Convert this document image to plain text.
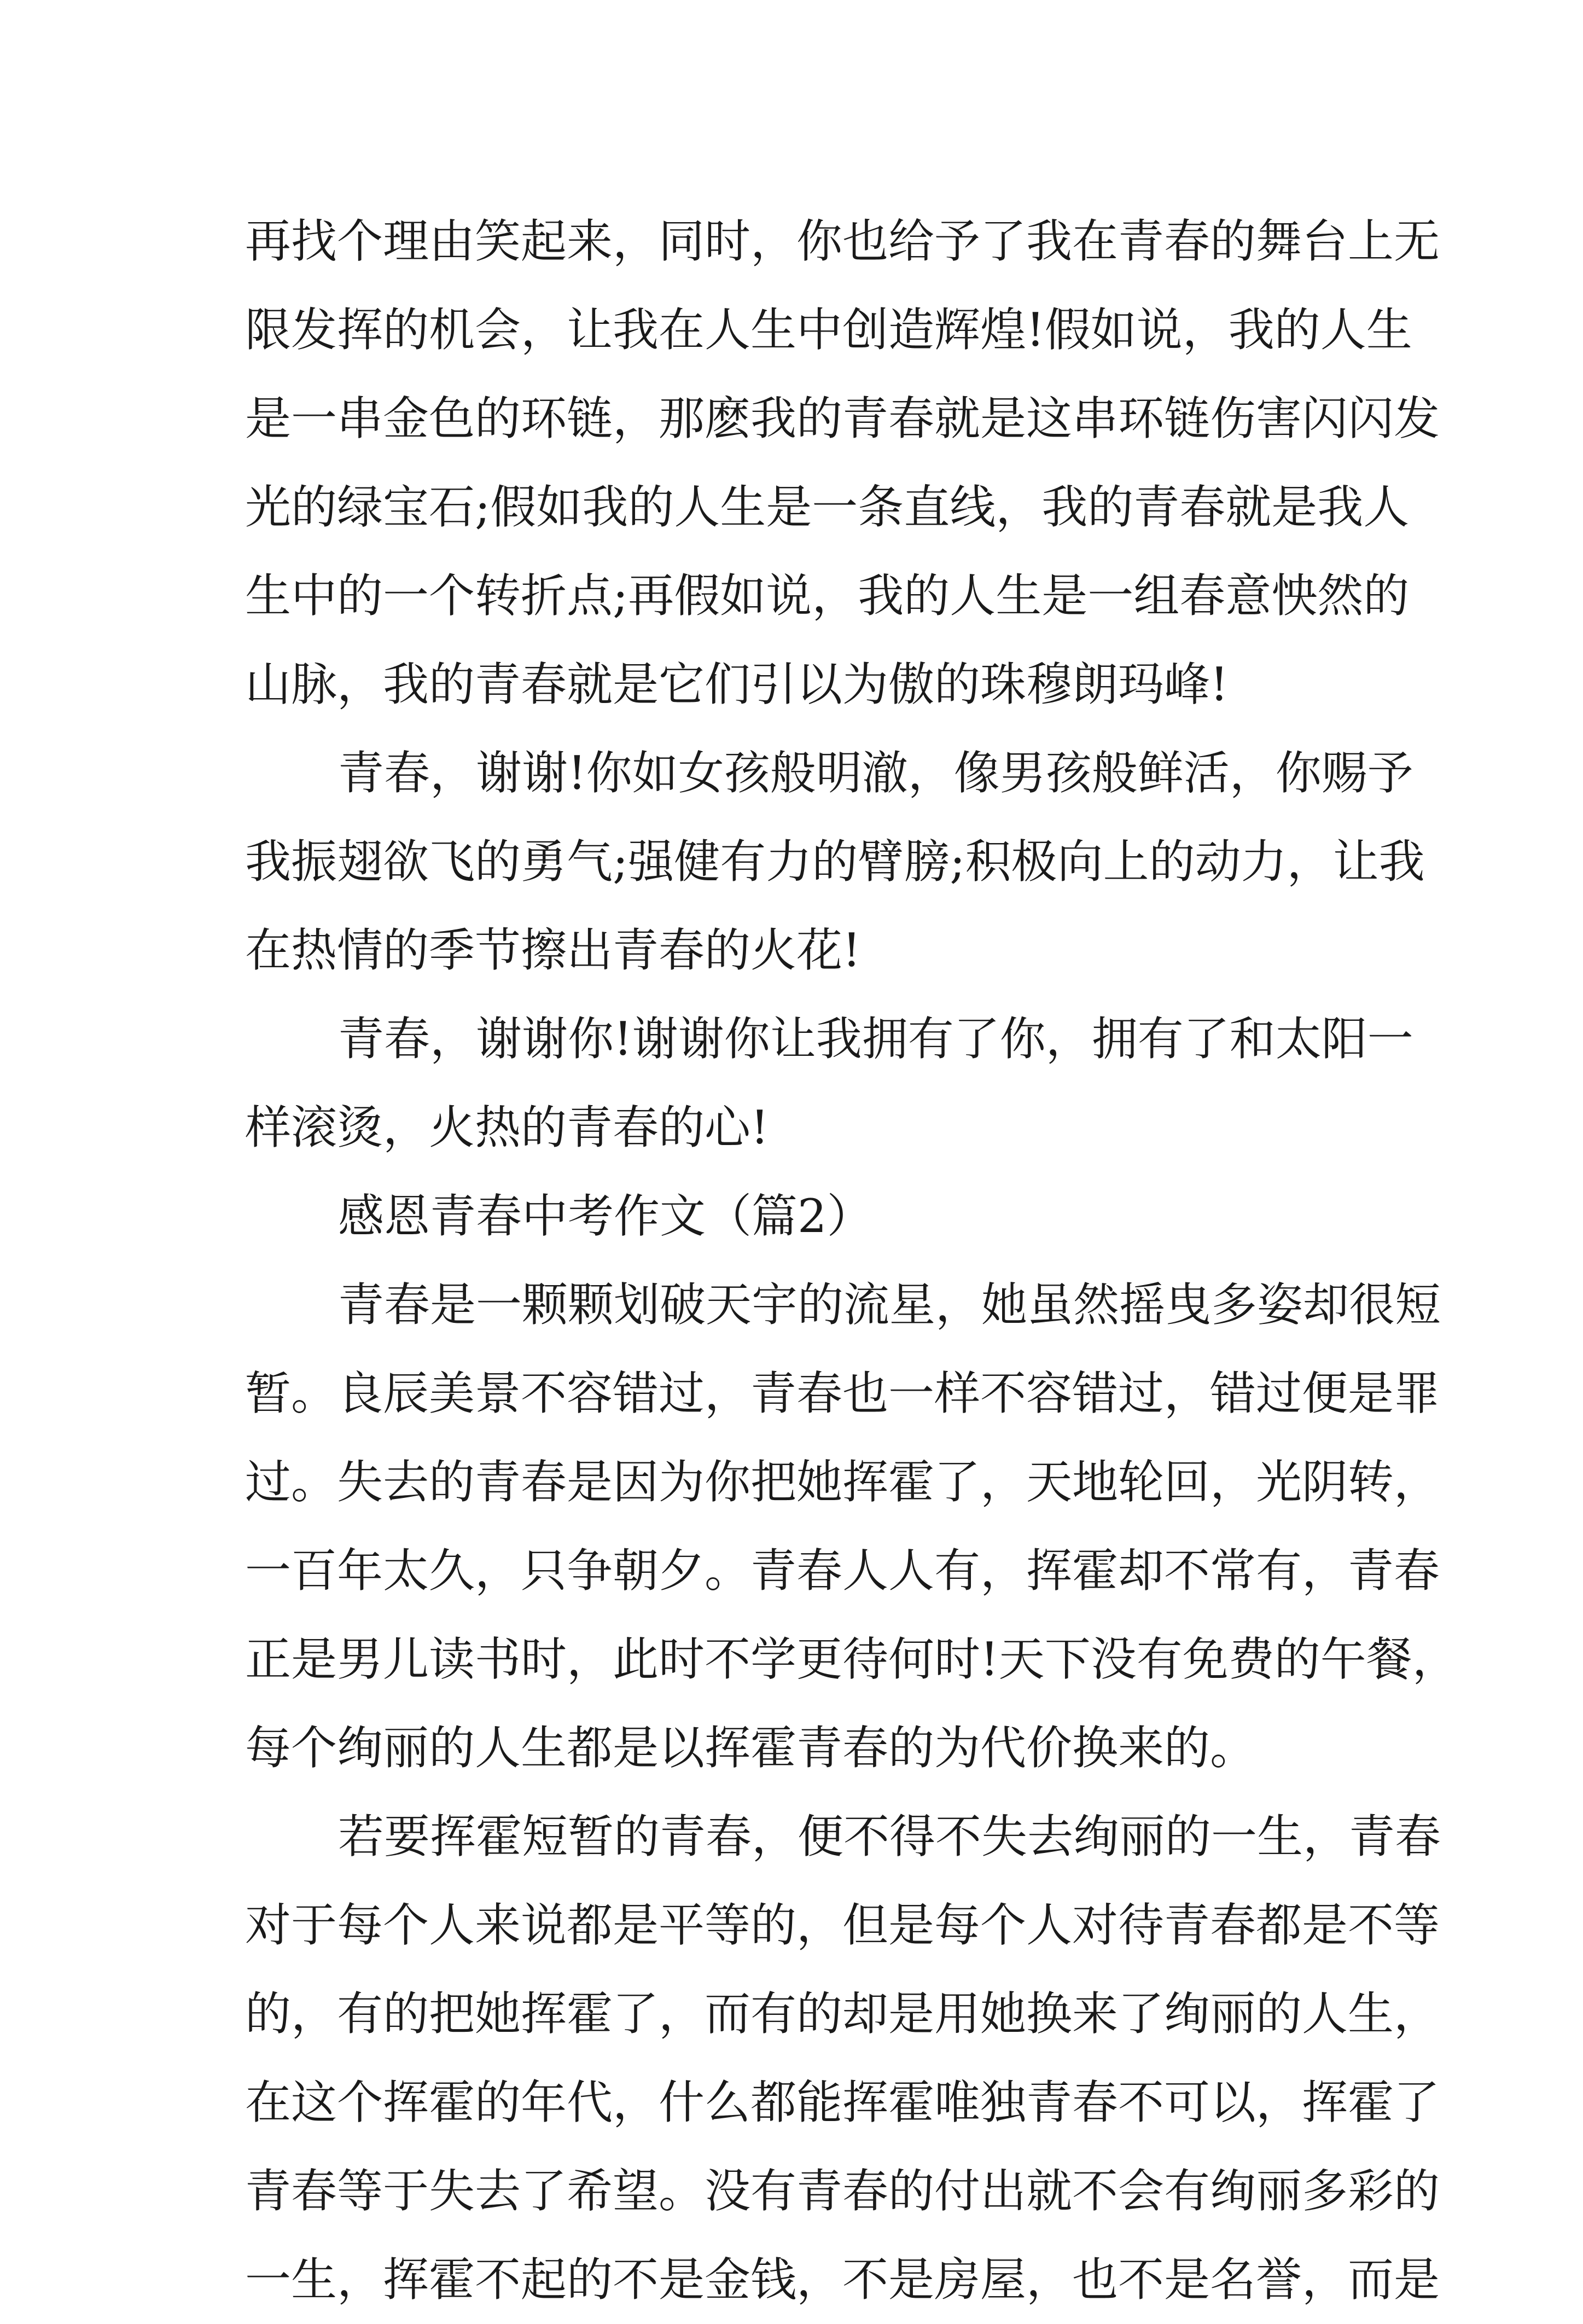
再找个理由笑起来，同时，你也给予了我在青春的舞台上无
限发挥的机会，让我在人生中创造辉煌!假如说，我的人生
是一串金色的环链，那麽我的青春就是这串环链伤害闪闪发
光的绿宝石;假如我的人生是一条直线，我的青春就是我人
生中的一个转折点;再假如说，我的人生是一组春意怏然的
山脉，我的青春就是它们引以为傲的珠穆朗玛峰!
青春，谢谢!你如女孩般明澈，像男孩般鲜活，你赐予
我振翅欲飞的勇气;强健有力的臂膀;积极向上的动力，让我
在热情的季节擦出青春的火花!
青春，谢谢你!谢谢你让我拥有了你，拥有了和太阳一
样滚烫，火热的青春的心!
感恩青春中考作文（篇2）
青春是一颗颗划破天宇的流星，她虽然摇曳多姿却很短
暂。良辰美景不容错过，青春也一样不容错过，错过便是罪
过。失去的青春是因为你把她挥霍了，天地轮回，光阴转，
一百年太久，只争朝夕。青春人人有，挥霍却不常有，青春
正是男儿读书时，此时不学更待何时!天下没有免费的午餐，
每个绚丽的人生都是以挥霍青春的为代价换来的。
若要挥霍短暂的青春，便不得不失去绚丽的一生，青春
对于每个人来说都是平等的，但是每个人对待青春都是不等
的，有的把她挥霍了，而有的却是用她换来了绚丽的人生，
在这个挥霍的年代，什么都能挥霍唯独青春不可以，挥霍了
青春等于失去了希望。没有青春的付出就不会有绚丽多彩的
一生，挥霍不起的不是金钱，不是房屋，也不是名誉，而是
